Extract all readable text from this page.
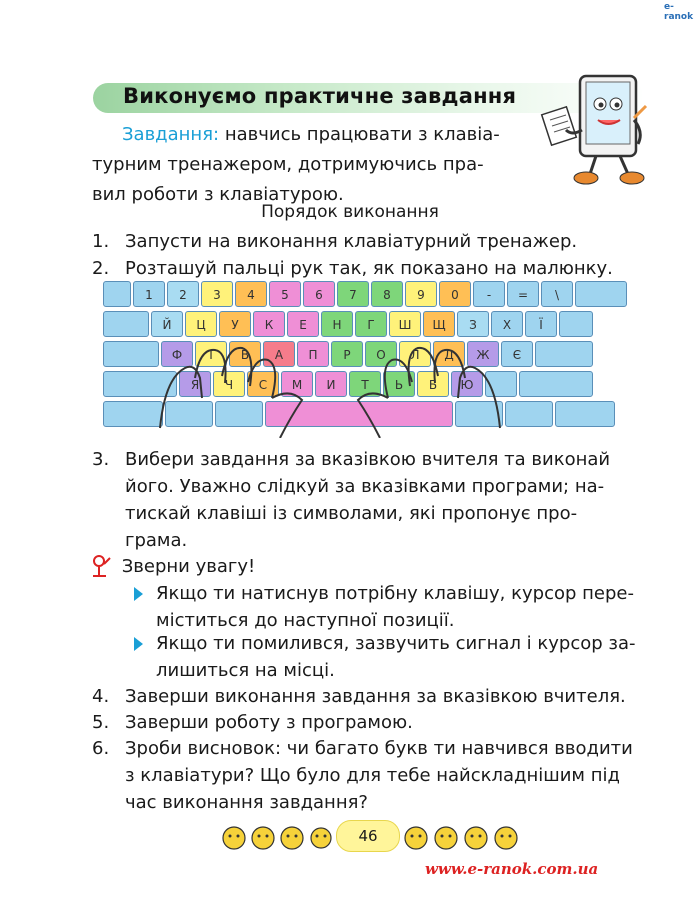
e-ranok
Виконуємо практичне завдання
Завдання: навчись працювати з клавіа-
турним тренажером, дотримуючись пра-
вил роботи з клавіатурою.
Порядок виконання
1. Запусти на виконання клавіатурний тренажер.
2. Розташуй пальці рук так, як показано на малюнку.
1	2	3	4	5	6	7	8	9	0	-	=	\
Й	Ц	У	К	Е	Н	Г	Ш	Щ	З	Х	Ї
Ф	І	В	А	П	Р	О	Л	Д	Ж	Є
Я	Ч	С	М	И	Т	Ь	Б	Ю
3. Вибери завдання за вказівкою вчителя та виконай
його. Уважно слідкуй за вказівками програми; на-
тискай клавіші із символами, які пропонує про-
грама.
Зверни увагу!
Якщо ти натиснув потрібну клавішу, курсор пере-
міститься до наступної позиції.
Якщо ти помилився, зазвучить сигнал і курсор за-
лишиться на місці.
4. Заверши виконання завдання за вказівкою вчителя.
5. Заверши роботу з програмою.
6. Зроби висновок: чи багато букв ти навчився вводити
з клавіатури? Що було для тебе найскладнішим під
час виконання завдання?
46
www.e-ranok.com.ua
